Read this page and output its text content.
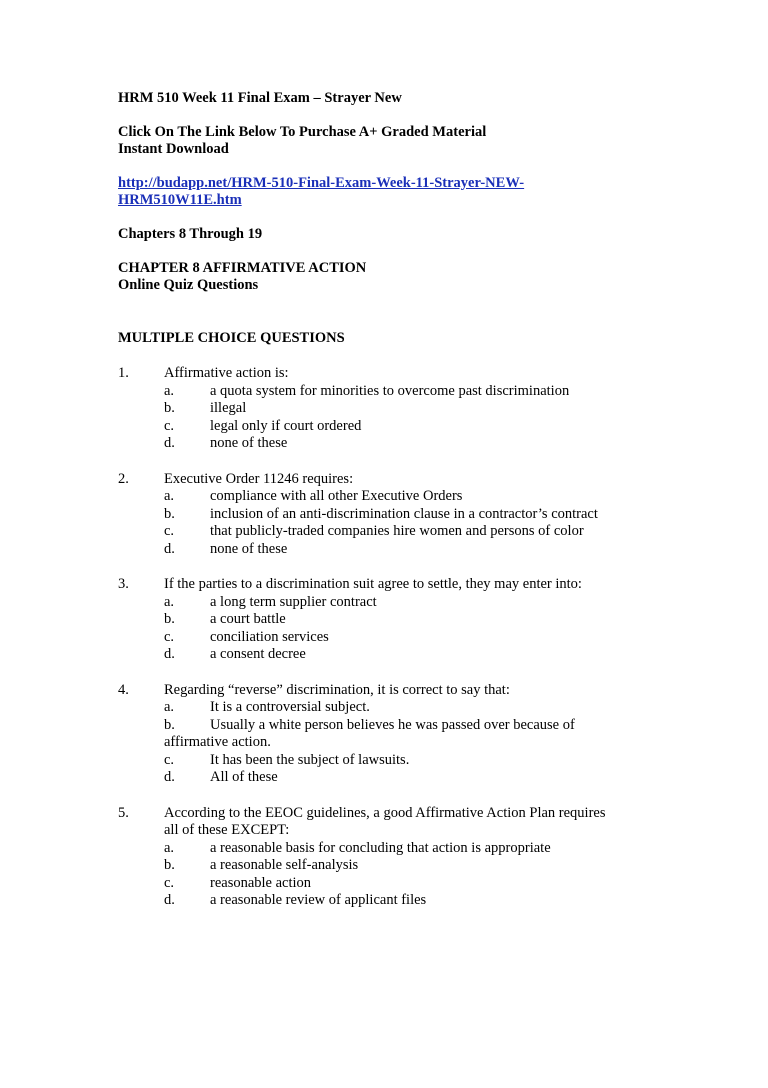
HRM 510 Week 11 Final Exam – Strayer New
Click On The Link Below To Purchase A+ Graded Material
Instant Download
http://budapp.net/HRM-510-Final-Exam-Week-11-Strayer-NEW-
HRM510W11E.htm
Chapters 8 Through 19
CHAPTER 8 AFFIRMATIVE ACTION
Online Quiz Questions
MULTIPLE CHOICE QUESTIONS
1. Affirmative action is:
a. a quota system for minorities to overcome past discrimination
b. illegal
c. legal only if court ordered
d. none of these
2. Executive Order 11246 requires:
a. compliance with all other Executive Orders
b. inclusion of an anti-discrimination clause in a contractor’s contract
c. that publicly-traded companies hire women and persons of color
d. none of these
3. If the parties to a discrimination suit agree to settle, they may enter into:
a. a long term supplier contract
b. a court battle
c. conciliation services
d. a consent decree
4. Regarding “reverse” discrimination, it is correct to say that:
a. It is a controversial subject.
b. Usually a white person believes he was passed over because of
affirmative action.
c. It has been the subject of lawsuits.
d. All of these
5. According to the EEOC guidelines, a good Affirmative Action Plan requires
all of these EXCEPT:
a. a reasonable basis for concluding that action is appropriate
b. a reasonable self-analysis
c. reasonable action
d. a reasonable review of applicant files
